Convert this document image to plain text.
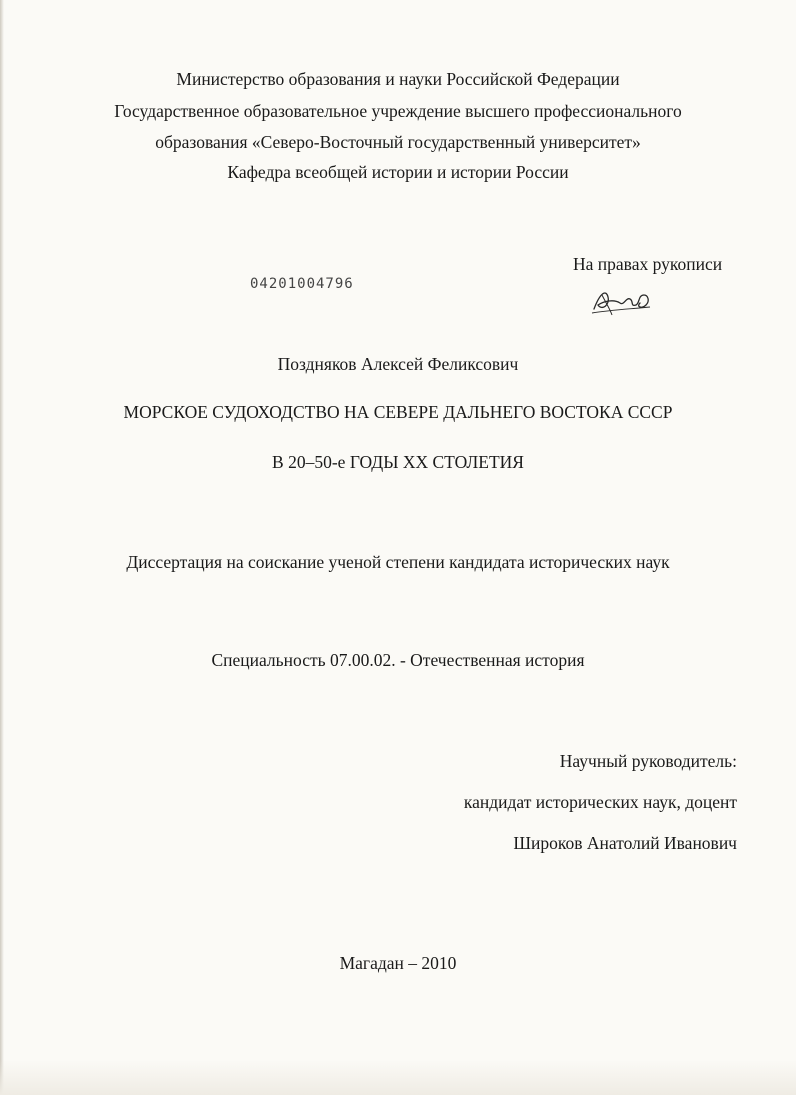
Министерство образования и науки Российской Федерации
Государственное образовательное учреждение высшего профессионального
образования «Северо-Восточный государственный университет»
Кафедра всеобщей истории и истории России
На правах рукописи
04201004796
Поздняков Алексей Феликсович
МОРСКОЕ СУДОХОДСТВО НА СЕВЕРЕ ДАЛЬНЕГО ВОСТОКА СССР
В 20–50-е ГОДЫ XX СТОЛЕТИЯ
Диссертация на соискание ученой степени кандидата исторических наук
Специальность 07.00.02. - Отечественная история
Научный руководитель:
кандидат исторических наук, доцент
Широков Анатолий Иванович
Магадан – 2010
